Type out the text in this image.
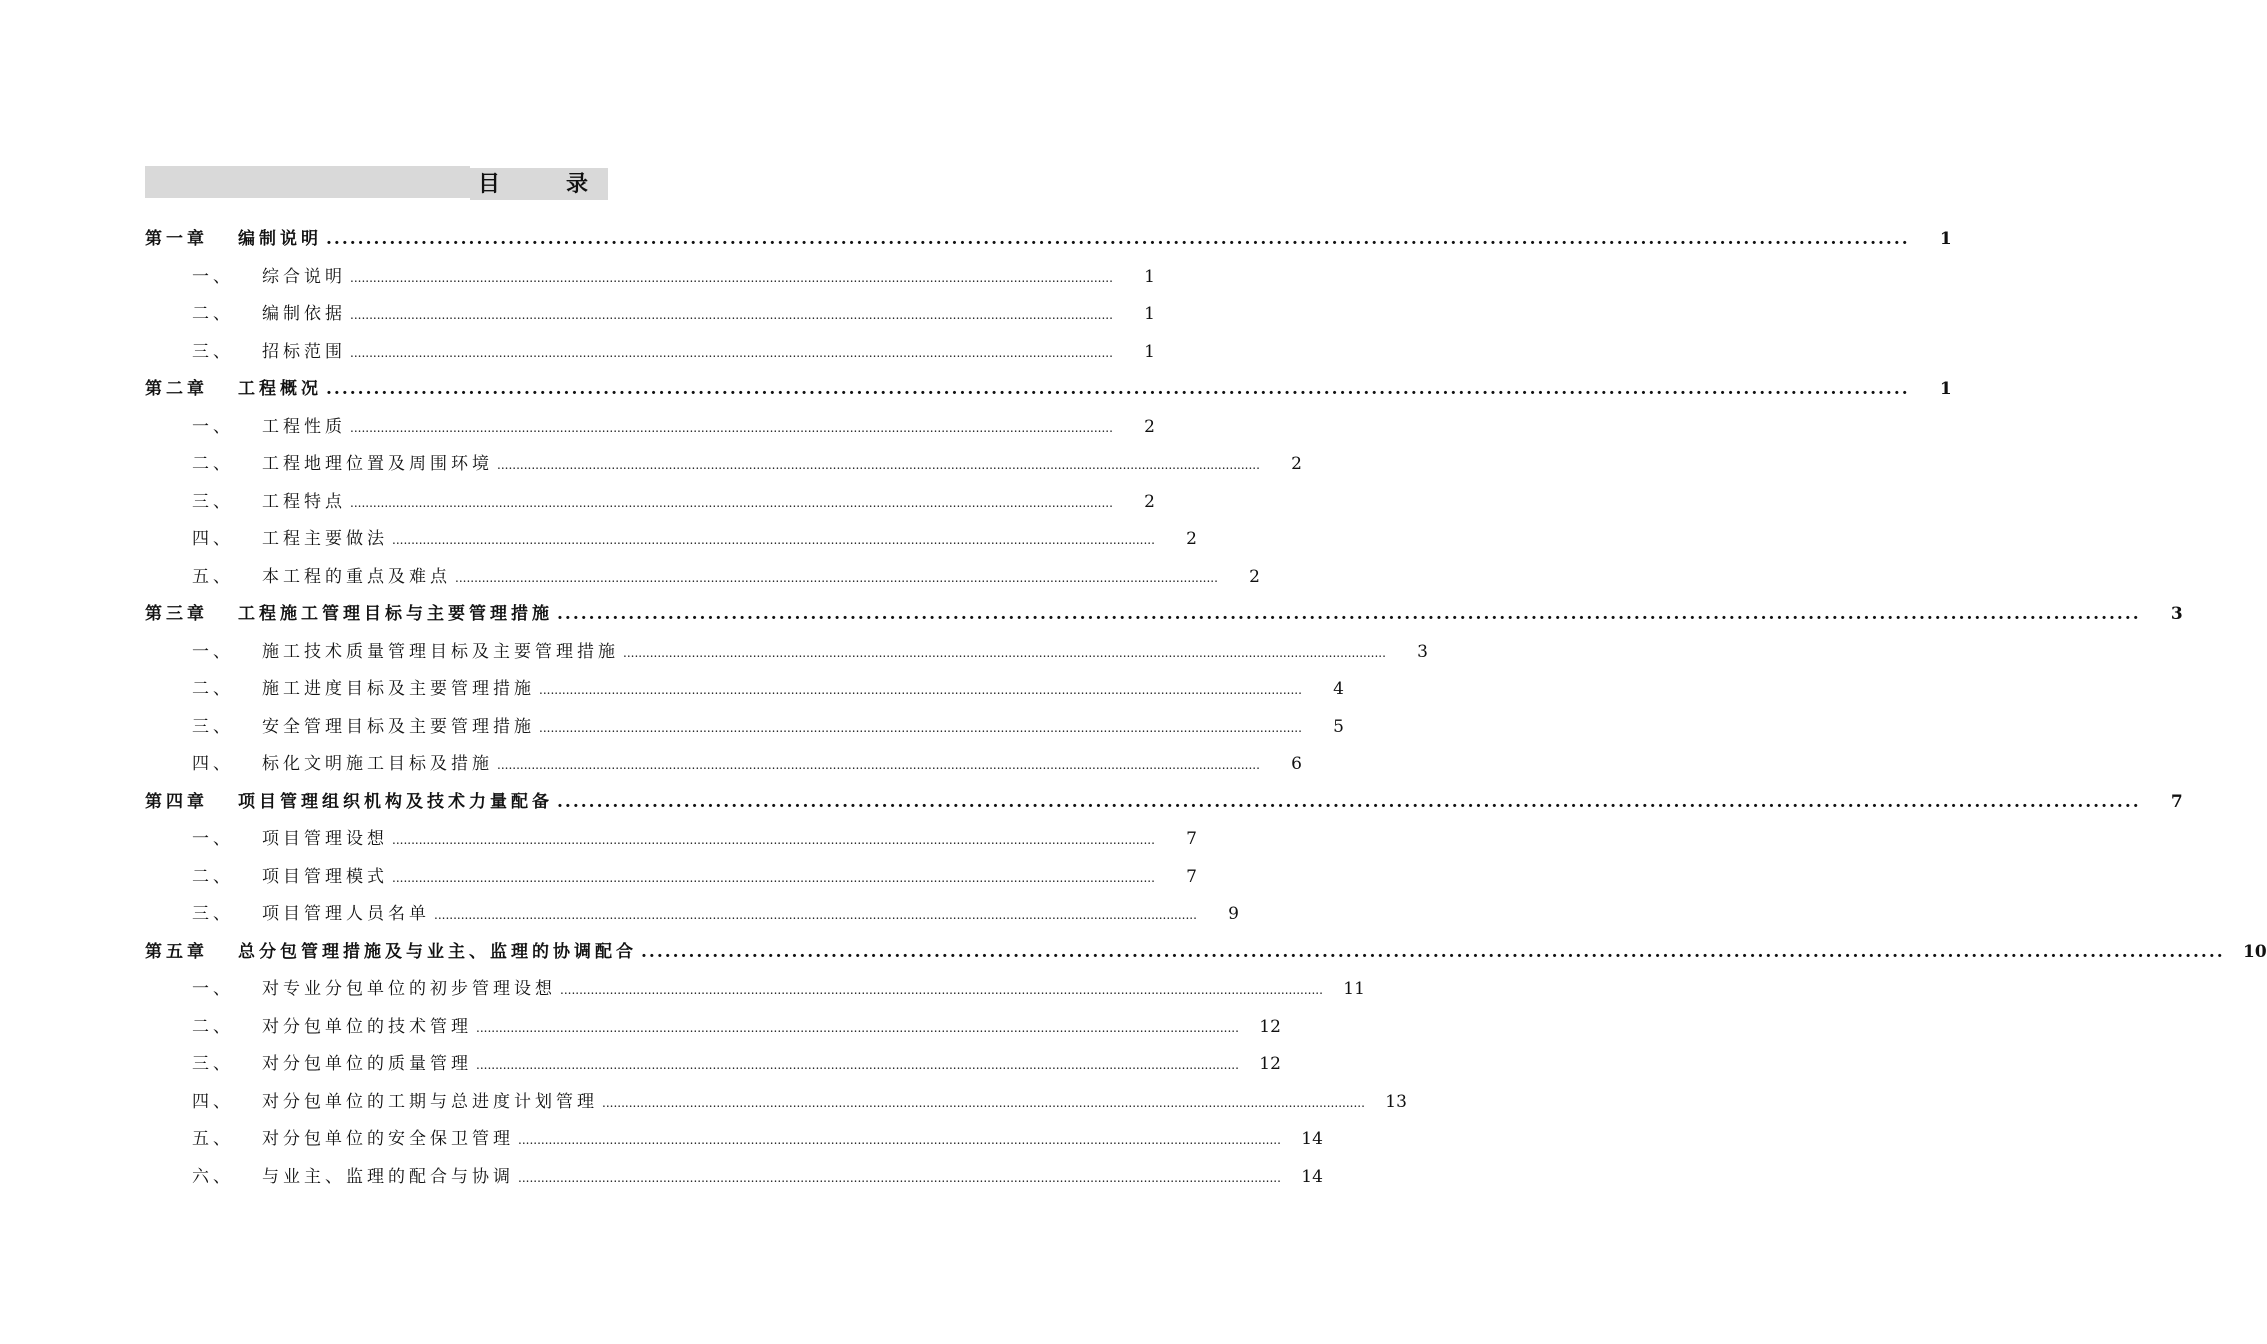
目	录
第一章	编制说明 ........................................................................................................................................................................................................	1
一、	综合说明 ........................................................................................................................................................................................................	1
二、	编制依据 ........................................................................................................................................................................................................	1
三、	招标范围 ........................................................................................................................................................................................................	1
第二章	工程概况 ........................................................................................................................................................................................................	1
一、	工程性质 ........................................................................................................................................................................................................	2
二、	工程地理位置及周围环境 ........................................................................................................................................................................................................	2
三、	工程特点 ........................................................................................................................................................................................................	2
四、	工程主要做法 ........................................................................................................................................................................................................	2
五、	本工程的重点及难点 ........................................................................................................................................................................................................	2
第三章	工程施工管理目标与主要管理措施 ........................................................................................................................................................................................................	3
一、	施工技术质量管理目标及主要管理措施 ........................................................................................................................................................................................................	3
二、	施工进度目标及主要管理措施 ........................................................................................................................................................................................................	4
三、	安全管理目标及主要管理措施 ........................................................................................................................................................................................................	5
四、	标化文明施工目标及措施 ........................................................................................................................................................................................................	6
第四章	项目管理组织机构及技术力量配备 ........................................................................................................................................................................................................	7
一、	项目管理设想 ........................................................................................................................................................................................................	7
二、	项目管理模式 ........................................................................................................................................................................................................	7
三、	项目管理人员名单 ........................................................................................................................................................................................................	9
第五章	总分包管理措施及与业主、监理的协调配合 ........................................................................................................................................................................................................	10
一、	对专业分包单位的初步管理设想 ........................................................................................................................................................................................................	11
二、	对分包单位的技术管理 ........................................................................................................................................................................................................	12
三、	对分包单位的质量管理 ........................................................................................................................................................................................................	12
四、	对分包单位的工期与总进度计划管理 ........................................................................................................................................................................................................	13
五、	对分包单位的安全保卫管理 ........................................................................................................................................................................................................	14
六、	与业主、监理的配合与协调 ........................................................................................................................................................................................................	14
